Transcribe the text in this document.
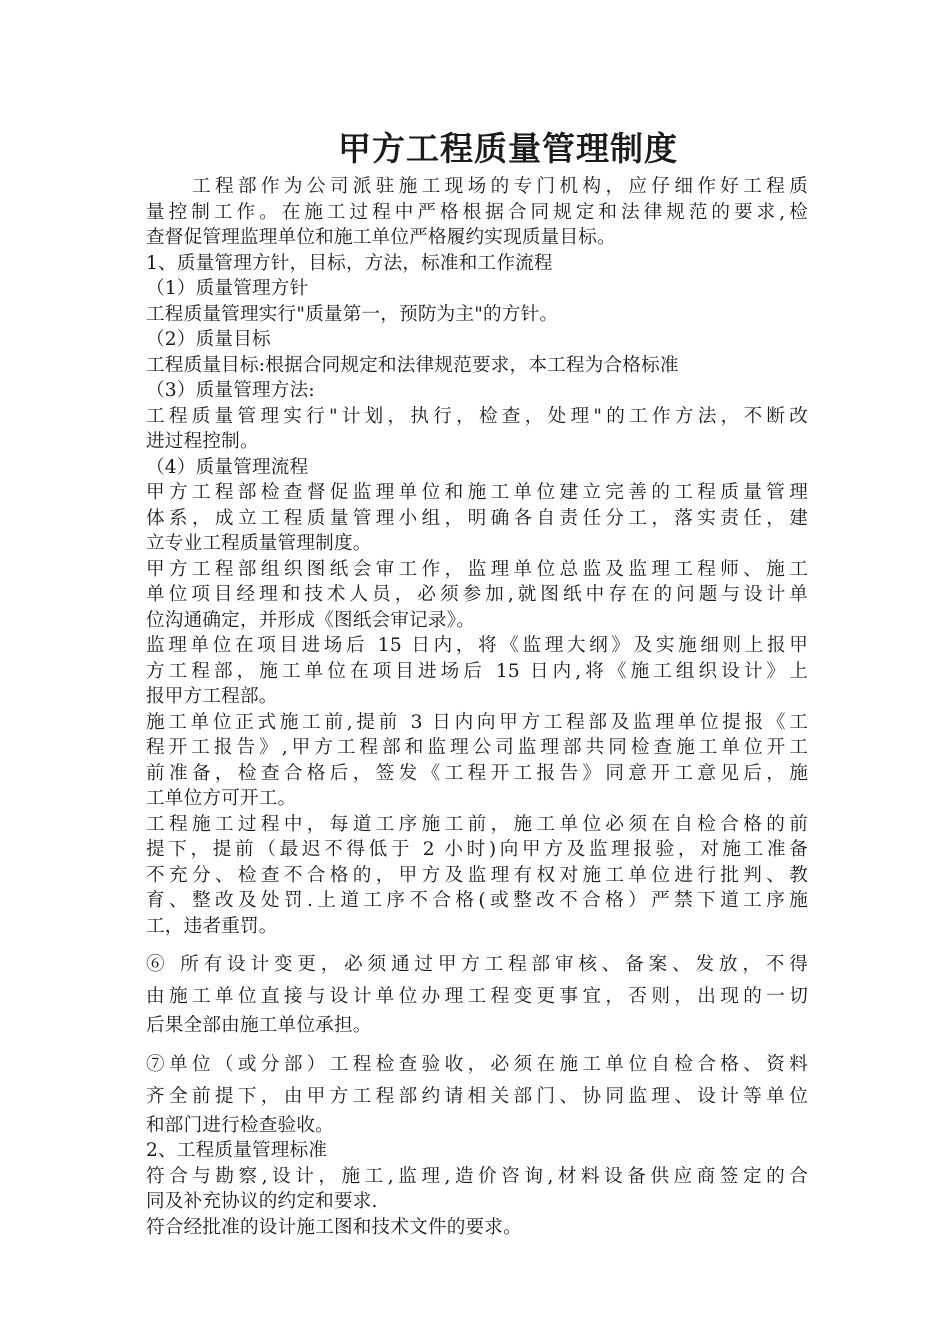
甲方工程质量管理制度
工程部作为公司派驻施工现场的专门机构，应仔细作好工程质
量控制工作。在施工过程中严格根据合同规定和法律规范的要求,检
查督促管理监理单位和施工单位严格履约实现质量目标。
1、质量管理方针，目标，方法，标准和工作流程
（1）质量管理方针
工程质量管理实行"质量第一，预防为主"的方针。
（2）质量目标
工程质量目标:根据合同规定和法律规范要求，本工程为合格标准
（3）质量管理方法:
工程质量管理实行"计划，执行，检查，处理"的工作方法，不断改
进过程控制。
（4）质量管理流程
甲方工程部检查督促监理单位和施工单位建立完善的工程质量管理
体系，成立工程质量管理小组，明确各自责任分工，落实责任，建
立专业工程质量管理制度。
甲方工程部组织图纸会审工作，监理单位总监及监理工程师、施工
单位项目经理和技术人员，必须参加,就图纸中存在的问题与设计单
位沟通确定，并形成《图纸会审记录》。
监理单位在项目进场后 15 日内，将《监理大纲》及实施细则上报甲
方工程部，施工单位在项目进场后 15 日内,将《施工组织设计》上
报甲方工程部。
施工单位正式施工前,提前 3 日内向甲方工程部及监理单位提报《工
程开工报告》,甲方工程部和监理公司监理部共同检查施工单位开工
前准备，检查合格后，签发《工程开工报告》同意开工意见后，施
工单位方可开工。
工程施工过程中，每道工序施工前，施工单位必须在自检合格的前
提下，提前（最迟不得低于 2 小时)向甲方及监理报验，对施工准备
不充分、检查不合格的，甲方及监理有权对施工单位进行批判、教
育、整改及处罚.上道工序不合格(或整改不合格）严禁下道工序施
工，违者重罚。
⑥ 所有设计变更，必须通过甲方工程部审核、备案、发放，不得
由施工单位直接与设计单位办理工程变更事宜，否则，出现的一切
后果全部由施工单位承担。
⑦单位（或分部）工程检查验收，必须在施工单位自检合格、资料
齐全前提下，由甲方工程部约请相关部门、协同监理、设计等单位
和部门进行检查验收。
2、工程质量管理标准
符合与勘察,设计，施工,监理,造价咨询,材料设备供应商签定的合
同及补充协议的约定和要求.
符合经批准的设计施工图和技术文件的要求。
